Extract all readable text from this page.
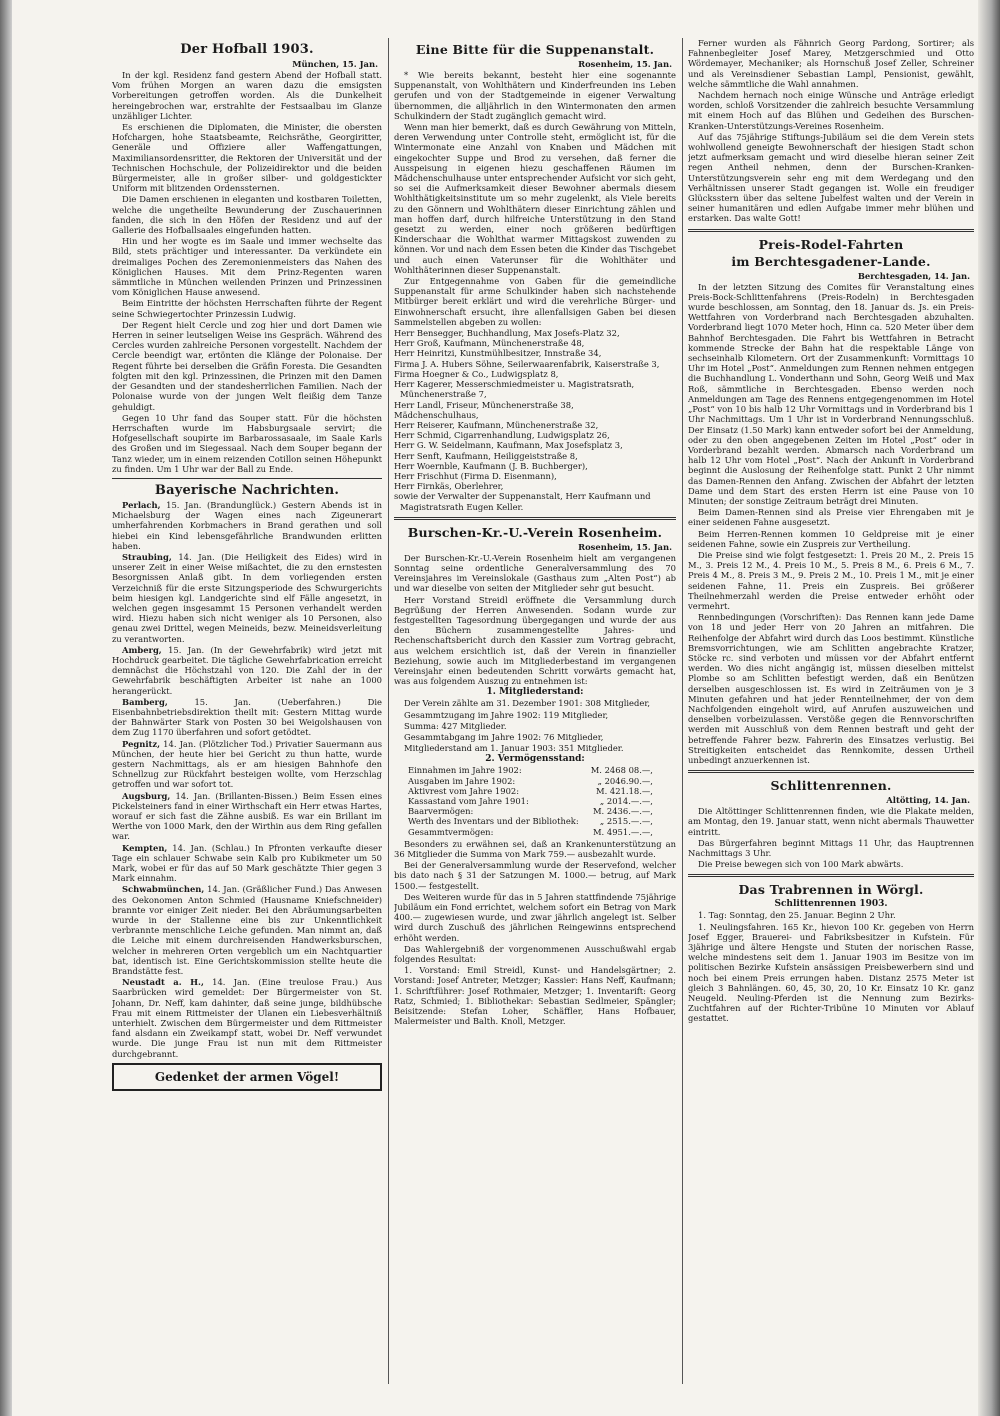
Der Hofball 1903.
München, 15. Jan.

In der kgl. Residenz fand gestern Abend der Hofball statt. Vom frühen Morgen an waren dazu die emsigsten Vorbereitungen getroffen worden. Als die Dunkelheit hereingebrochen war, erstrahlte der Festsaalbau im Glanze unzähliger Lichter.

Es erschienen die Diplomaten, die Minister, die obersten Hofchargen, hohe Staatsbeamte, Reichsräthe, Georgiritter, Generäle und Offiziere aller Waffengattungen, Maximiliansordensritter, die Rektoren der Universität und der Technischen Hochschule, der Polizeidirektor und die beiden Bürgermeister, alle in großer silber- und goldgestickter Uniform mit blitzenden Ordenssternen.

Die Damen erschienen in eleganten und kostbaren Toiletten, welche die ungetheilte Bewunderung der Zuschauerinnen fanden, die sich in den Höfen der Residenz und auf der Gallerie des Hofballsaales eingefunden hatten.

Hin und her wogte es im Saale und immer wechselte das Bild, stets prächtiger und interessanter. Da verkündete ein dreimaliges Pochen des Zeremonienmeisters das Nahen des Königlichen Hauses. Mit dem Prinz-Regenten waren sämmtliche in München weilenden Prinzen und Prinzessinen vom Königlichen Hause anwesend.

Beim Eintritte der höchsten Herrschaften führte der Regent seine Schwiegertochter Prinzessin Ludwig.

Der Regent hielt Cercle und zog hier und dort Damen wie Herren in seiner leutseligen Weise ins Gespräch. Während des Cercles wurden zahlreiche Personen vorgestellt. Nachdem der Cercle beendigt war, ertönten die Klänge der Polonaise. Der Regent führte bei derselben die Gräfin Foresta. Die Gesandten folgten mit den kgl. Prinzessinen, die Prinzen mit den Damen der Gesandten und der standesherrlichen Familien. Nach der Polonaise wurde von der jungen Welt fleißig dem Tanze gehuldigt.

Gegen 10 Uhr fand das Souper statt. Für die höchsten Herrschaften wurde im Habsburgsaale servirt; die Hofgesellschaft soupirte im Barbarossasaale, im Saale Karls des Großen und im Siegessaal. Nach dem Souper begann der Tanz wieder, um in einem reizenden Cotillon seinen Höhepunkt zu finden. Um 1 Uhr war der Ball zu Ende.

Bayerische Nachrichten.
Perlach, 15. Jan. (Brandunglück.) Gestern Abends ist in Michaelsburg der Wagen eines nach Zigeunerart umherfahrenden Korbmachers in Brand gerathen und soll hiebei ein Kind lebensgefährliche Brandwunden erlitten haben.
Straubing, 14. Jan. (Die Heiligkeit des Eides) wird in unserer Zeit in einer Weise mißachtet, die zu den ernstesten Besorgnissen Anlaß gibt. In dem vorliegenden ersten Verzeichniß für die erste Sitzungsperiode des Schwurgerichts beim hiesigen kgl. Landgerichte sind elf Fälle angesetzt, in welchen gegen insgesammt 15 Personen verhandelt werden wird. Hiezu haben sich nicht weniger als 10 Personen, also genau zwei Drittel, wegen Meineids, bezw. Meineidsverleitung zu verantworten.
Amberg, 15. Jan. (In der Gewehrfabrik) wird jetzt mit Hochdruck gearbeitet. Die tägliche Gewehrfabrication erreicht demnächst die Höchstzahl von 120. Die Zahl der in der Gewehrfabrik beschäftigten Arbeiter ist nahe an 1000 herangerückt.
Bamberg,	15. Jan. (Ueberfahren.) Die Eisenbahnbetriebsdirektion theilt mit: Gestern Mittag wurde der Bahnwärter Stark von Posten 30 bei Weigolshausen von dem Zug 1170 überfahren und sofort getödtet.
Pegnitz, 14. Jan. (Plötzlicher Tod.) Privatier Sauermann aus München, der heute hier bei Gericht zu thun hatte, wurde gestern Nachmittags, als er am hiesigen Bahnhofe den Schnellzug zur Rückfahrt besteigen wollte, vom Herzschlag getroffen und war sofort tot.
Augsburg, 14. Jan. (Brillanten-Bissen.) Beim Essen eines Pickelsteiners fand in einer Wirthschaft ein Herr etwas Hartes, worauf er sich fast die Zähne ausbiß. Es war ein Brillant im Werthe von 1000 Mark, den der Wirthin aus dem Ring gefallen war.
Kempten, 14. Jan. (Schlau.) In Pfronten verkaufte dieser Tage ein schlauer Schwabe sein Kalb pro Kubikmeter um 50 Mark, wobei er für das auf 50 Mark geschätzte Thier gegen 3 Mark einnahm.
Schwabmünchen, 14. Jan. (Gräßlicher Fund.) Das Anwesen des Oekonomen Anton Schmied (Hausname Kniefschneider) brannte vor einiger Zeit nieder. Bei den Abräumungsarbeiten wurde in der Stallenne eine bis zur Unkenntlichkeit verbrannte menschliche Leiche gefunden. Man nimmt an, daß die Leiche mit einem durchreisenden Handwerksburschen, welcher in mehreren Orten vergeblich um ein Nachtquartier bat, identisch ist. Eine Gerichtskommission stellte heute die Brandstätte fest.
Neustadt a. H., 14. Jan. (Eine treulose Frau.) Aus Saarbrücken wird gemeldet: Der Bürgermeister von St. Johann, Dr. Neff, kam dahinter, daß seine junge, bildhübsche Frau mit einem Rittmeister der Ulanen ein Liebesverhältniß unterhielt. Zwischen dem Bürgermeister und dem Rittmeister fand alsdann ein Zweikampf statt, wobei Dr. Neff verwundet wurde. Die junge Frau ist nun mit dem Rittmeister durchgebrannt.
Gedenket der armen Vögel!
Eine Bitte für die Suppenanstalt.
Rosenheim, 15. Jan.

* Wie bereits bekannt, besteht hier eine sogenannte Suppenanstalt, von Wohlthätern und Kinderfreunden ins Leben gerufen und von der Stadtgemeinde in eigener Verwaltung übernommen, die alljährlich in den Wintermonaten den armen Schulkindern der Stadt zugänglich gemacht wird.

Wenn man hier bemerkt, daß es durch Gewährung von Mitteln, deren Verwendung unter Controlle steht, ermöglicht ist, für die Wintermonate eine Anzahl von Knaben und Mädchen mit eingekochter Suppe und Brod zu versehen, daß ferner die Ausspeisung in eigenen hiezu geschaffenen Räumen im Mädchenschulhause unter entsprechender Aufsicht vor sich geht, so sei die Aufmerksamkeit dieser Bewohner abermals diesem Wohlthätigkeitsinstitute um so mehr zugelenkt, als Viele bereits zu den Gönnern und Wohlthätern dieser Einrichtung zählen und man hoffen darf, durch hilfreiche Unterstützung in den Stand gesetzt zu werden, einer noch größeren bedürftigen Kinderschaar die Wohlthat warmer Mittagskost zuwenden zu können. Vor und nach dem Essen beten die Kinder das Tischgebet und auch einen Vaterunser für die Wohlthäter und Wohlthäterinnen dieser Suppenanstalt.

Zur Entgegennahme von Gaben für die gemeindliche Suppenanstalt für arme Schulkinder haben sich nachstehende Mitbürger bereit erklärt und wird die verehrliche Bürger- und Einwohnerschaft ersucht, ihre allenfallsigen Gaben bei diesen Sammelstellen abgeben zu wollen:

Herr Bensegger, Buchhandlung, Max Josefs-Platz 32,
Herr Groß, Kaufmann, Münchenerstraße 48,
Herr Heinritzi, Kunstmühlbesitzer, Innstraße 34,
Firma J. A. Hubers Söhne, Seilerwaarenfabrik, Kaiserstraße 3,
Firma Hoegner & Co., Ludwigsplatz 8,
Herr Kagerer, Messerschmiedmeister u. Magistratsrath, Münchenerstraße 7,
Herr Landl, Friseur, Münchenerstraße 38,
Mädchenschulhaus,
Herr Reiserer, Kaufmann, Münchenerstraße 32,
Herr Schmid, Cigarrenhandlung, Ludwigsplatz 26,
Herr G. W. Seidelmann, Kaufmann, Max Josefsplatz 3,
Herr Senft, Kaufmann, Heiliggeiststraße 8,
Herr Woernble, Kaufmann (J. B. Buchberger),
Herr Frischhut (Firma D. Eisenmann),
Herr Firnkäs, Oberlehrer,
sowie der Verwalter der Suppenanstalt, Herr Kaufmann und Magistratsrath Eugen Keller.
Burschen-Kr.-U.-Verein Rosenheim.
Rosenheim, 15. Jan.

Der Burschen-Kr.-U.-Verein Rosenheim hielt am vergangenen Sonntag seine ordentliche Generalversammlung des 70 Vereinsjahres im Vereinslokale (Gasthaus zum „Alten Post“) ab und war dieselbe von seiten der Mitglieder sehr gut besucht.

Herr Vorstand Streidl eröffnete die Versammlung durch Begrüßung der Herren Anwesenden. Sodann wurde zur festgestellten Tagesordnung übergegangen und wurde der aus den Büchern zusammengestellte Jahres- und Rechenschaftsbericht durch den Kassier zum Vortrag gebracht, aus welchem ersichtlich ist, daß der Verein in finanzieller Beziehung, sowie auch im Mitgliederbestand im vergangenen Vereinsjahr einen bedeutenden Schritt vorwärts gemacht hat, was aus folgendem Auszug zu entnehmen ist:

1. Mitgliederstand:

Der Verein zählte am 31. Dezember 1901: 308 Mitglieder,

Gesammtzugang im Jahre 1902: 119 Mitglieder,

Summa: 427 Mitglieder.

Gesammtabgang im Jahre 1902: 76 Mitglieder,

Mitgliederstand am 1. Januar 1903: 351 Mitglieder.

2. Vermögensstand:
Einnahmen im Jahre 1902:	M. 2468 08.—,
Ausgaben im Jahre 1902:	„ 2046.90.—,
Aktivrest vom Jahre 1902:	M. 421.18.—,
Kassastand vom Jahre 1901:	„ 2014.—.—,
Baarvermögen:	M. 2436.—.—,
Werth des Inventars und der Bibliothek:	„ 2515.—.—,
Gesammtvermögen:	M. 4951.—.—,

Besonders zu erwähnen sei, daß an Krankenunterstützung an 36 Mitglieder die Summa von Mark 759.— ausbezahlt wurde.

Bei der Generalversammlung wurde der Reservefond, welcher bis dato nach § 31 der Satzungen M. 1000.— betrug, auf Mark 1500.— festgestellt.

Des Weiteren wurde für das in 5 Jahren stattfindende 75jährige Jubiläum ein Fond errichtet, welchem sofort ein Betrag von Mark 400.— zugewiesen wurde, und zwar jährlich angelegt ist. Selber wird durch Zuschuß des jährlichen Reingewinns entsprechend erhöht werden.

Das Wahlergebniß der vorgenommenen Ausschußwahl ergab folgendes Resultat:

1. Vorstand: Emil Streidl, Kunst- und Handelsgärtner; 2. Vorstand: Josef Antreter, Metzger; Kassier: Hans Neff, Kaufmann; 1. Schriftführer: Josef Rothmaier, Metzger; 1. Inventarift: Georg Ratz, Schmied; 1. Bibliothekar: Sebastian Sedlmeier, Spängler; Beisitzende: Stefan Loher, Schäffler, Hans Hofbauer, Malermeister und Balth. Knoll, Metzger.

Ferner wurden als Fähnrich Georg Pardong, Sortirer; als Fahnenbegleiter Josef Marey, Metzgerschmied und Otto Wördemayer, Mechaniker; als Hornschuß Josef Zeller, Schreiner und als Vereinsdiener Sebastian Lampl, Pensionist, gewählt, welche sämmtliche die Wahl annahmen.

Nachdem hernach noch einige Wünsche und Anträge erledigt worden, schloß Vorsitzender die zahlreich besuchte Versammlung mit einem Hoch auf das Blühen und Gedeihen des Burschen-Kranken-Unterstützungs-Vereines Rosenheim.

Auf das 75jährige Stiftungs-Jubiläum sei die dem Verein stets wohlwollend geneigte Bewohnerschaft der hiesigen Stadt schon jetzt aufmerksam gemacht und wird dieselbe hieran seiner Zeit regen Antheil nehmen, denn der Burschen-Kranken-Unterstützungsverein sehr eng mit dem Werdegang und den Verhältnissen unserer Stadt gegangen ist. Wolle ein freudiger Glücksstern über das seltene Jubelfest walten und der Verein in seiner humanitären und edlen Aufgabe immer mehr blühen und erstarken. Das walte Gott!

Preis-Rodel-Fahrten
im Berchtesgadener-Lande.
Berchtesgaden, 14. Jan.

In der letzten Sitzung des Comites für Veranstaltung eines Preis-Bock-Schlittenfahrens (Preis-Rodeln) in Berchtesgaden wurde beschlossen, am Sonntag, den 18. Januar ds. Js. ein Preis-Wettfahren von Vorderbrand nach Berchtesgaden abzuhalten. Vorderbrand liegt 1070 Meter hoch, Hinn ca. 520 Meter über dem Bahnhof Berchtesgaden. Die Fahrt bis Wettfahren in Betracht kommende Strecke der Bahn hat die respektable Länge von sechseinhalb Kilometern. Ort der Zusammenkunft: Vormittags 10 Uhr im Hotel „Post“. Anmeldungen zum Rennen nehmen entgegen die Buchhandlung L. Vonderthann und Sohn, Georg Weiß und Max Roß, sämmtliche in Berchtesgaden. Ebenso werden noch Anmeldungen am Tage des Rennens entgegengenommen im Hotel „Post“ von 10 bis halb 12 Uhr Vormittags und in Vorderbrand bis 1 Uhr Nachmittags. Um 1 Uhr ist in Vorderbrand Nennungsschluß. Der Einsatz (1.50 Mark) kann entweder sofort bei der Anmeldung, oder zu den oben angegebenen Zeiten im Hotel „Post“ oder in Vorderbrand bezahlt werden. Abmarsch nach Vorderbrand um halb 12 Uhr vom Hotel „Post“. Nach der Ankunft in Vorderbrand beginnt die Auslosung der Reihenfolge statt. Punkt 2 Uhr nimmt das Damen-Rennen den Anfang. Zwischen der Abfahrt der letzten Dame und dem Start des ersten Herrn ist eine Pause von 10 Minuten; der sonstige Zeitraum beträgt drei Minuten.

Beim Damen-Rennen sind als Preise vier Ehrengaben mit je einer seidenen Fahne ausgesetzt.

Beim Herren-Rennen kommen 10 Geldpreise mit je einer seidenen Fahne, sowie ein Zuspreis zur Vertheilung.

Die Preise sind wie folgt festgesetzt: 1. Preis 20 M., 2. Preis 15 M., 3. Preis 12 M., 4. Preis 10 M., 5. Preis 8 M., 6. Preis 6 M., 7. Preis 4 M., 8. Preis 3 M., 9. Preis 2 M., 10. Preis 1 M., mit je einer seidenen Fahne, 11. Preis ein Zuspreis. Bei größerer Theilnehmerzahl werden die Preise entweder erhöht oder vermehrt.

Rennbedingungen (Vorschriften): Das Rennen kann jede Dame von 18 und jeder Herr von 20 Jahren an mitfahren. Die Reihenfolge der Abfahrt wird durch das Loos bestimmt. Künstliche Bremsvorrichtungen, wie am Schlitten angebrachte Kratzer, Stöcke rc. sind verboten und müssen vor der Abfahrt entfernt werden. Wo dies nicht angängig ist, müssen dieselben mittelst Plombe so am Schlitten befestigt werden, daß ein Benützen derselben ausgeschlossen ist. Es wird in Zeiträumen von je 3 Minuten gefahren und hat jeder Rennteilnehmer, der von dem Nachfolgenden eingeholt wird, auf Anrufen auszuweichen und denselben vorbeizulassen. Verstöße gegen die Rennvorschriften werden mit Ausschluß von dem Rennen bestraft und geht der betreffende Fahrer bezw. Fahrerin des Einsatzes verlustig. Bei Streitigkeiten entscheidet das Rennkomite, dessen Urtheil unbedingt anzuerkennen ist.

Schlittenrennen.
Altötting, 14. Jan.

Die Altöttinger Schlittenrennen finden, wie die Plakate melden, am Montag, den 19. Januar statt, wenn nicht abermals Thauwetter eintritt.

Das Bürgerfahren beginnt Mittags 11 Uhr, das Hauptrennen Nachmittags 3 Uhr.

Die Preise bewegen sich von 100 Mark abwärts.

Das Trabrennen in Wörgl.
Schlittenrennen 1903.

1. Tag: Sonntag, den 25. Januar. Beginn 2 Uhr.

1. Neulingsfahren. 165 Kr., hievon 100 Kr. gegeben von Herrn Josef Egger, Brauerei- und Fabriksbesitzer in Kufstein. Für 3jährige und ältere Hengste und Stuten der norischen Rasse, welche mindestens seit dem 1. Januar 1903 im Besitze von im politischen Bezirke Kufstein ansässigen Preisbewerbern sind und noch bei einem Preis errungen haben. Distanz 2575 Meter ist gleich 3 Bahnlängen. 60, 45, 30, 20, 10 Kr. Einsatz 10 Kr. ganz Neugeld. Neuling-Pferden ist die Nennung zum Bezirks-Zuchtfahren auf der Richter-Tribüne 10 Minuten vor Ablauf gestattet.
